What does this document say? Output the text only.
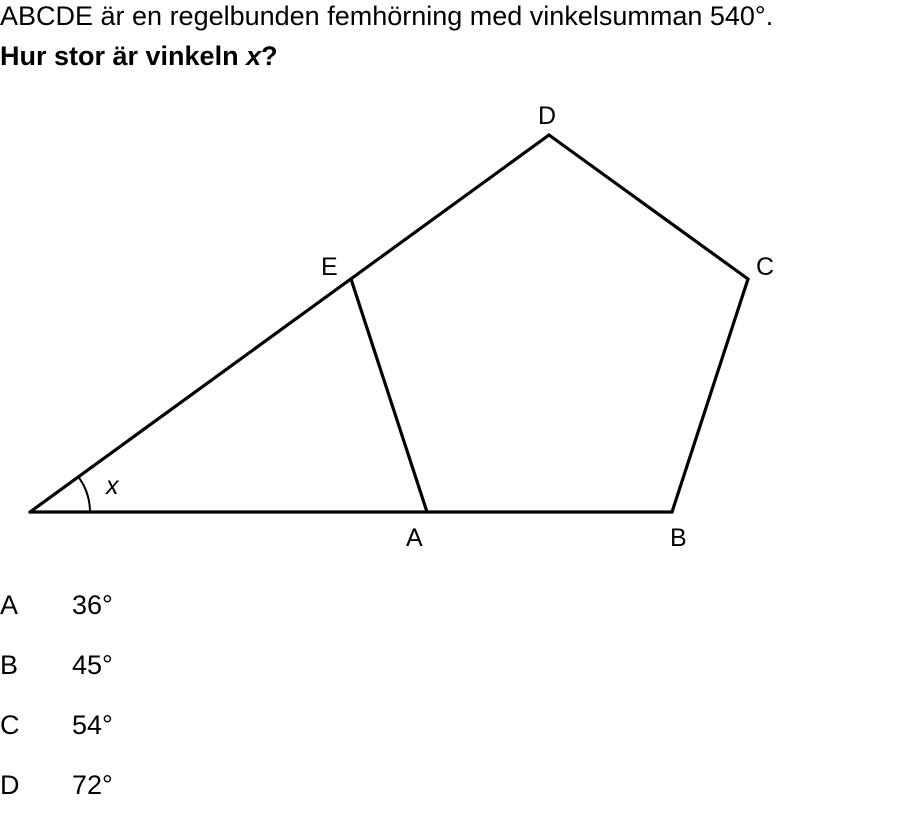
ABCDE är en regelbunden femhörning med vinkelsumman 540°.
Hur stor är vinkeln x?
x
D
E	C
A	B
A 36°
B 45°
C 54°
D 72°
